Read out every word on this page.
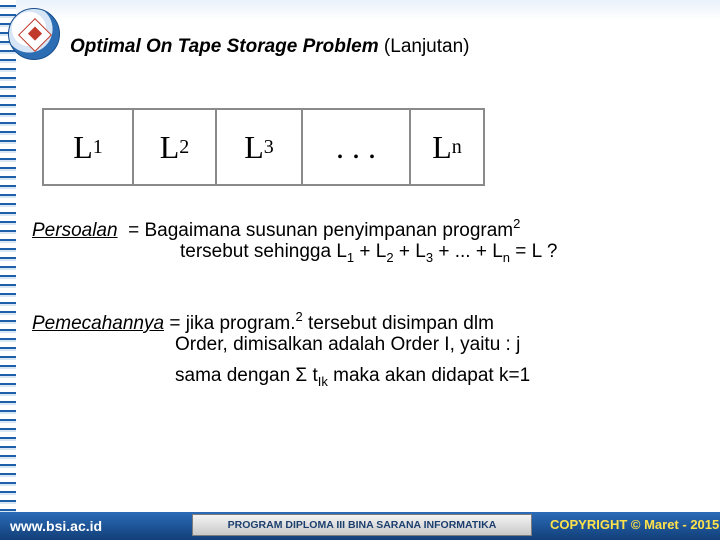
Optimal On Tape Storage Problem (Lanjutan)
L 1 L 2 L 3 . . . L n
Persoalan = Bagaimana susunan penyimpanan program$^2$
tersebut sehingga $L_1 + L_2 + L_3$ + ... + $L_n = L$ ?
Pemecahannya = jika program.$^2$ tersebut disimpan dlm
Order, dimisalkan adalah Order I, yaitu : j
sama dengan Σ $t_{Ik}$ maka akan didapat k=1
www.bsi.ac.id	PROGRAM DIPLOMA III BINA SARANA INFORMATIKA	COPYRIGHT © Maret - 2015
